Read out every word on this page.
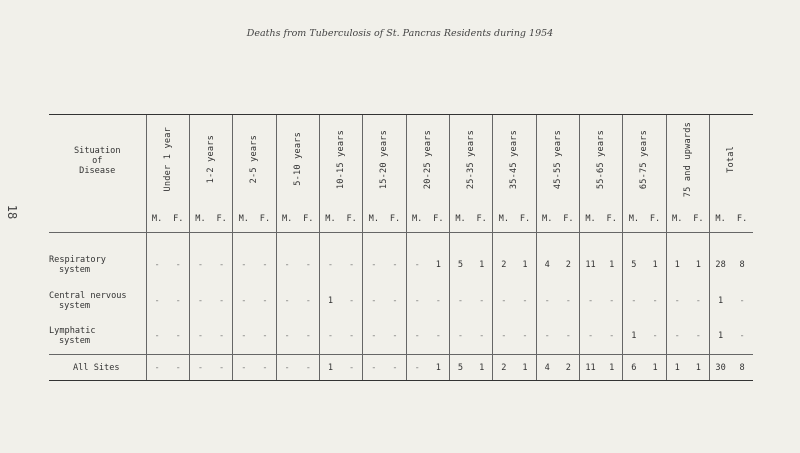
Deaths from Tuberculosis of St. Pancras Residents during 1954
18
Situation
of
Disease	Under 1 year		1-2 years		2-5 years		5-10 years		10-15 years		15-20 years		20-25 years		25-35 years		35-45 years		45-55 years		55-65 years		65-75 years		75 and upwards		Total	
	M.	F.	M.	F.	M.	F.	M.	F.	M.	F.	M.	F.	M.	F.	M.	F.	M.	F.	M.	F.	M.	F.	M.	F.	M.	F.	M.	F.

Respiratory
system	-	-	-	-	-	-	-	-	-	-	-	-	-	1	5	1	2	1	4	2	11	1	5	1	1	1	28	8

Central nervous
system	-	-	-	-	-	-	-	-	1	-	-	-	-	-	-	-	-	-	-	-	-	-	-	-	-	-	1	-

Lymphatic
system	-	-	-	-	-	-	-	-	-	-	-	-	-	-	-	-	-	-	-	-	-	-	1	-	-	-	1	-

All Sites	-	-	-	-	-	-	-	-	1	-	-	-	-	1	5	1	2	1	4	2	11	1	6	1	1	1	30	8
